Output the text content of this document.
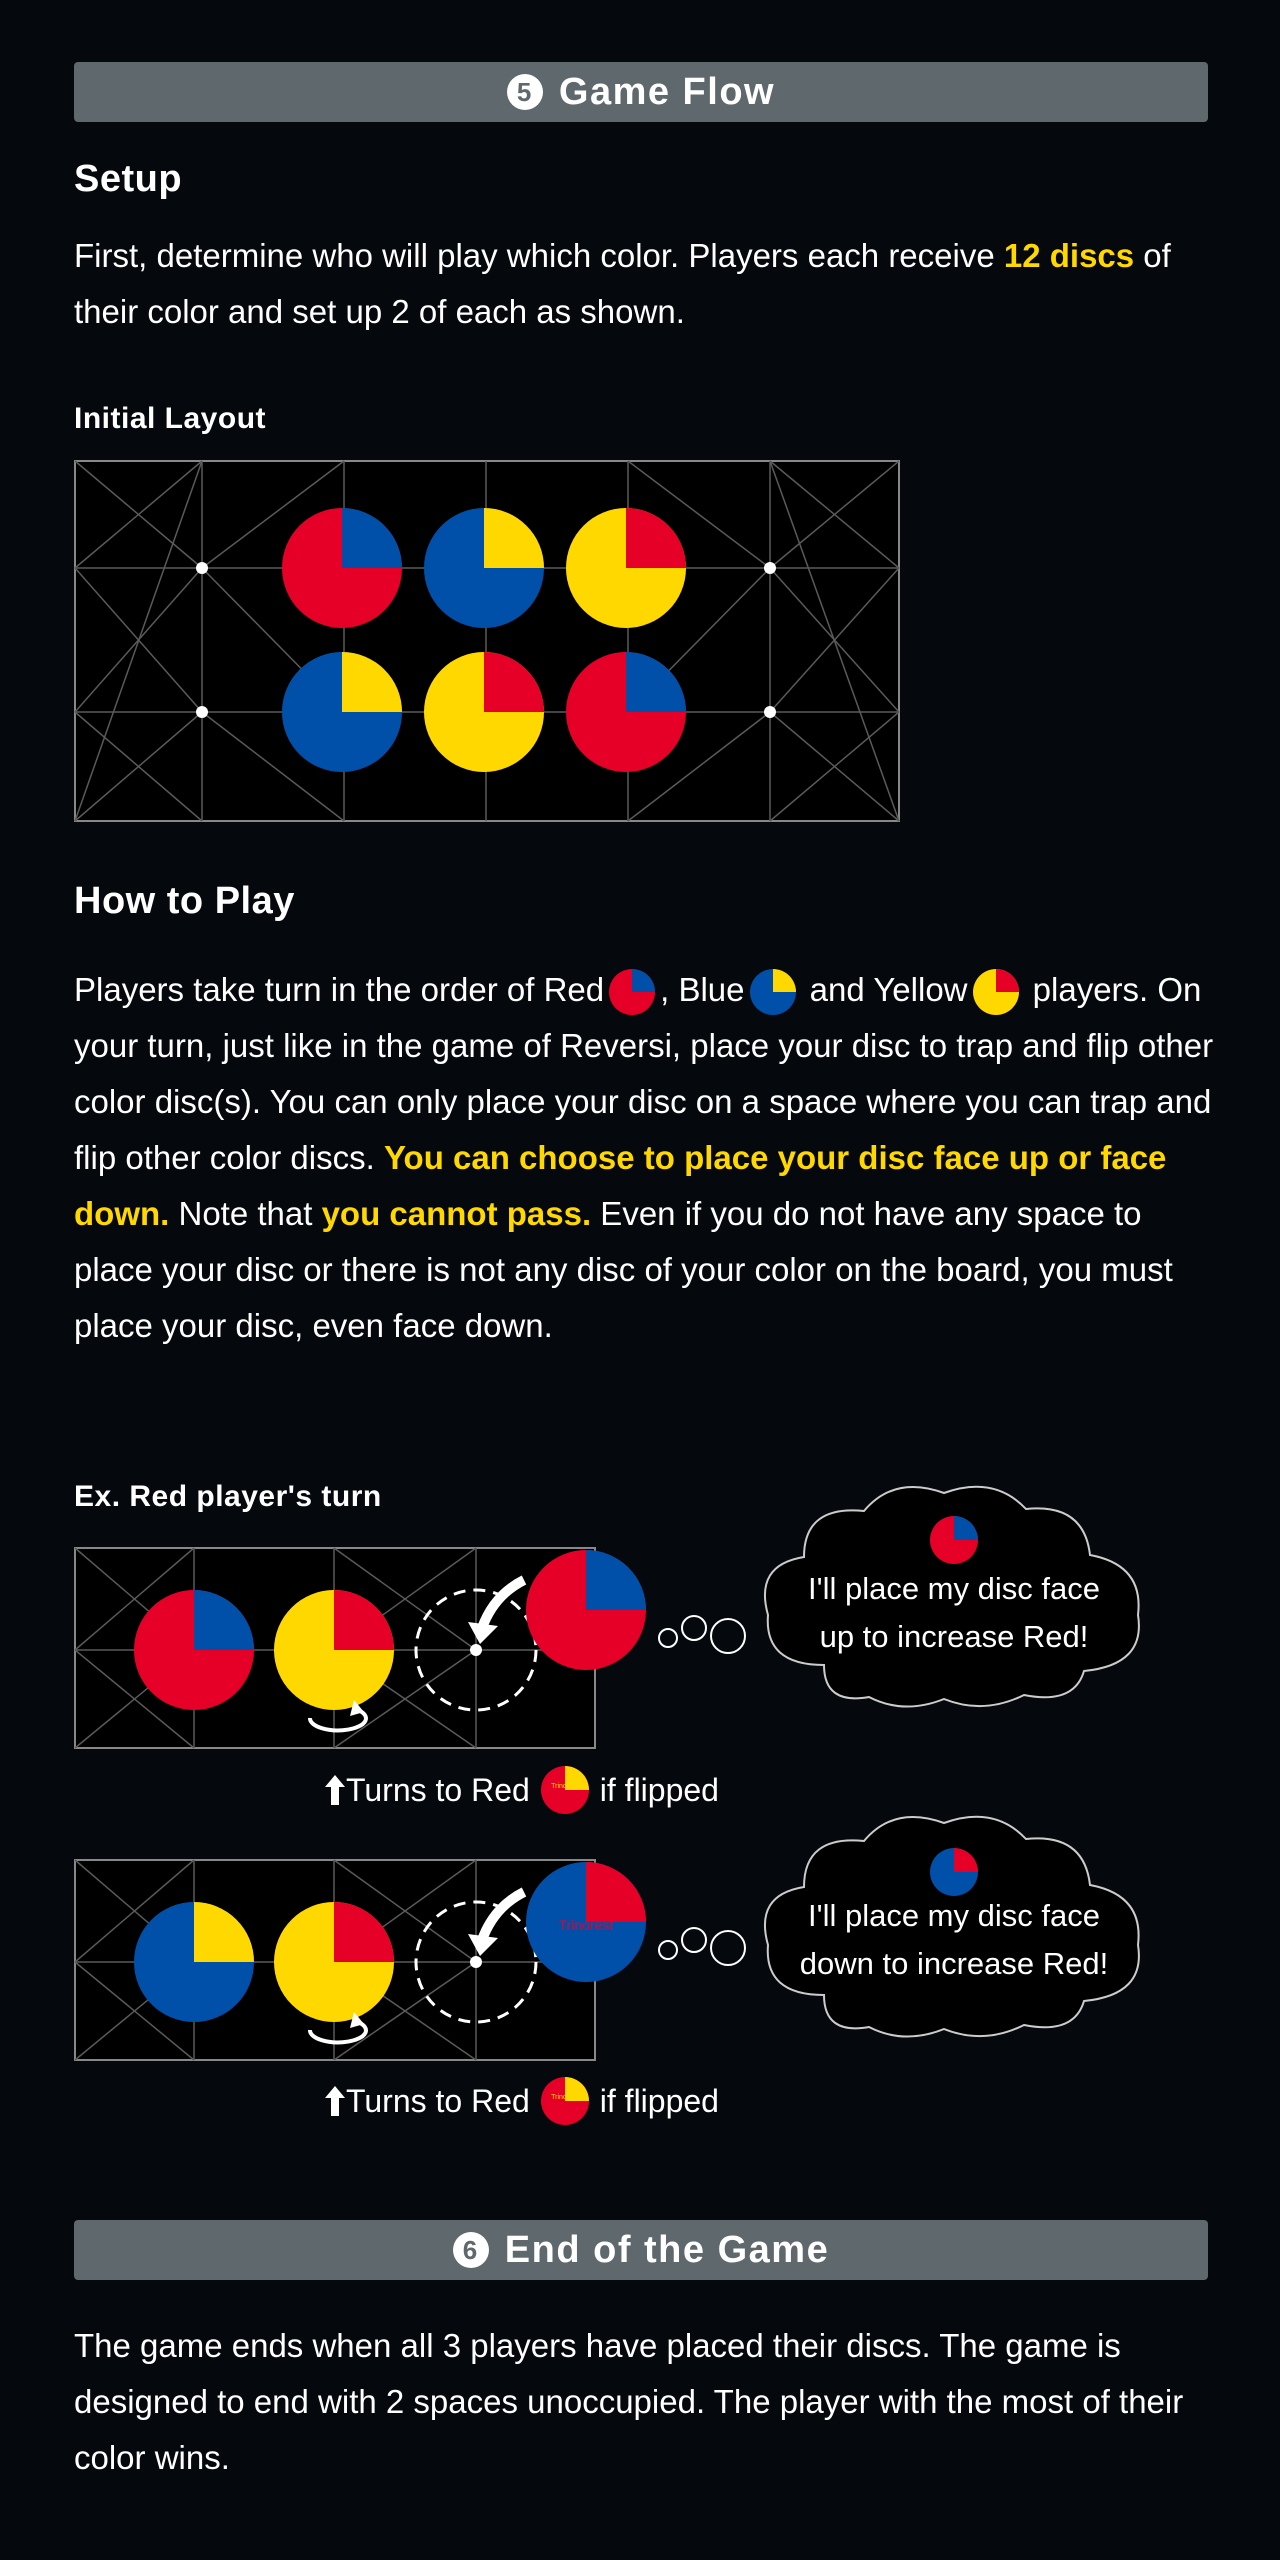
5 Game Flow
Setup
First, determine who will play which color. Players each receive 12 discs of their color and set up 2 of each as shown.
Initial Layout
How to Play
Players take turn in the order of Red , Blue and Yellow players. On your turn, just like in the game of Reversi, place your disc to trap and flip other color disc(s). You can only place your disc on a space where you can trap and flip other color discs. You can choose to place your disc face up or face down. Note that you cannot pass. Even if you do not have any space to place your disc or there is not any disc of your color on the board, you must place your disc, even face down.
Ex. Red player's turn
I'll place my disc face
up to increase Red!
Turns to Red	Trinorest if flipped
Trinorest	I'll place my disc face
down to increase Red!
Turns to Red	Trinorest if flipped
6 End of the Game
The game ends when all 3 players have placed their discs. The game is designed to end with 2 spaces unoccupied. The player with the most of their color wins.
